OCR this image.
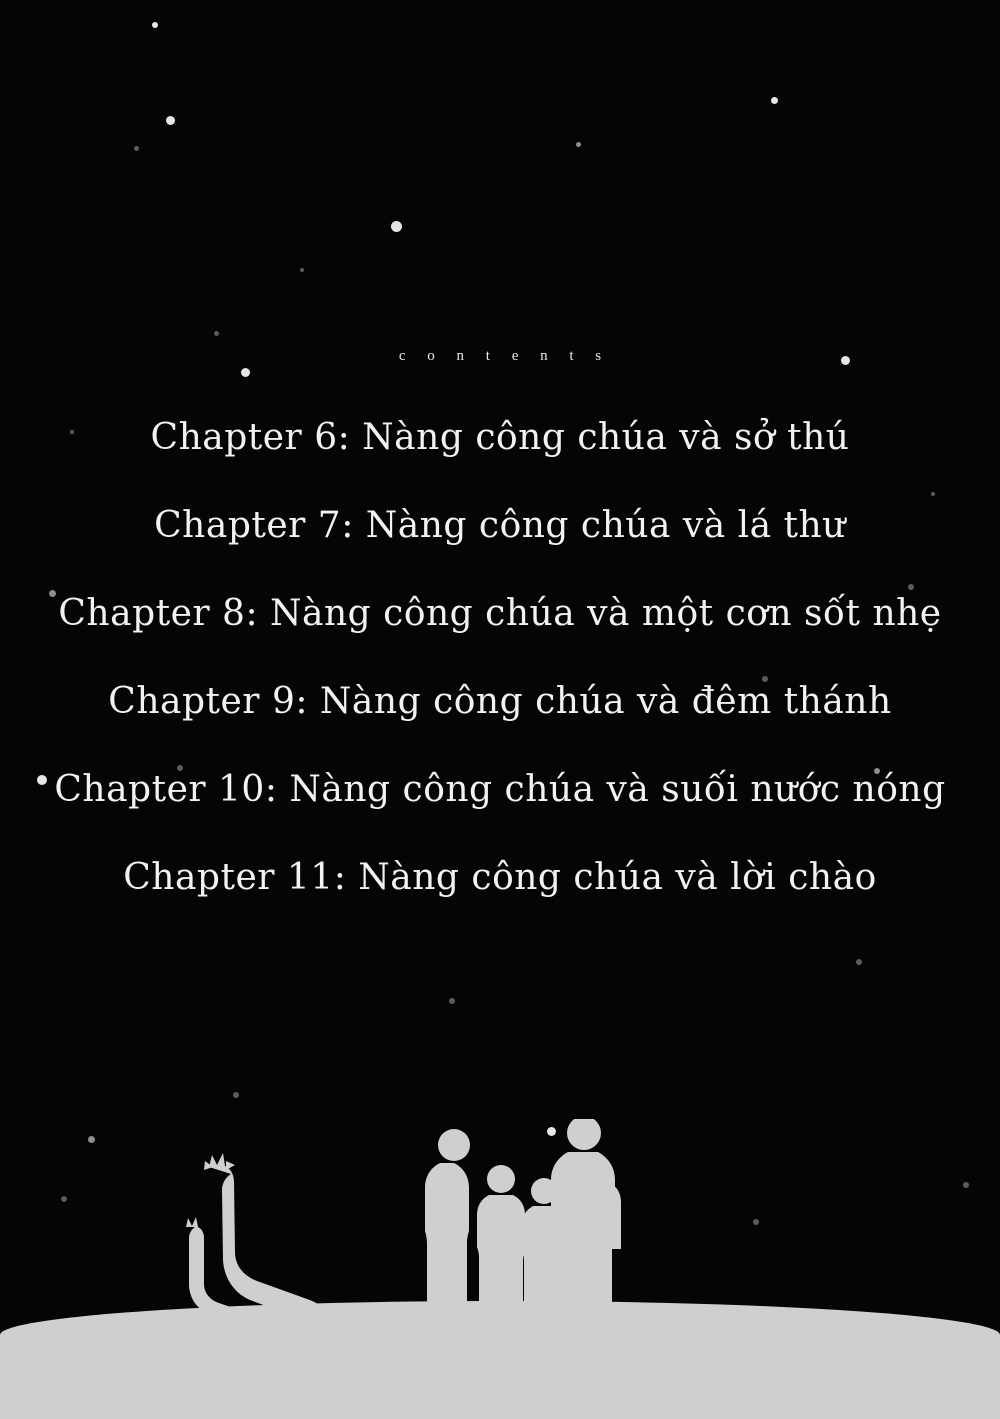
c o n t e n t s
Chapter 6: Nàng công chúa và sở thú
Chapter 7: Nàng công chúa và lá thư
Chapter 8: Nàng công chúa và một cơn sốt nhẹ
Chapter 9: Nàng công chúa và đêm thánh
Chapter 10: Nàng công chúa và suối nước nóng
Chapter 11: Nàng công chúa và lời chào
